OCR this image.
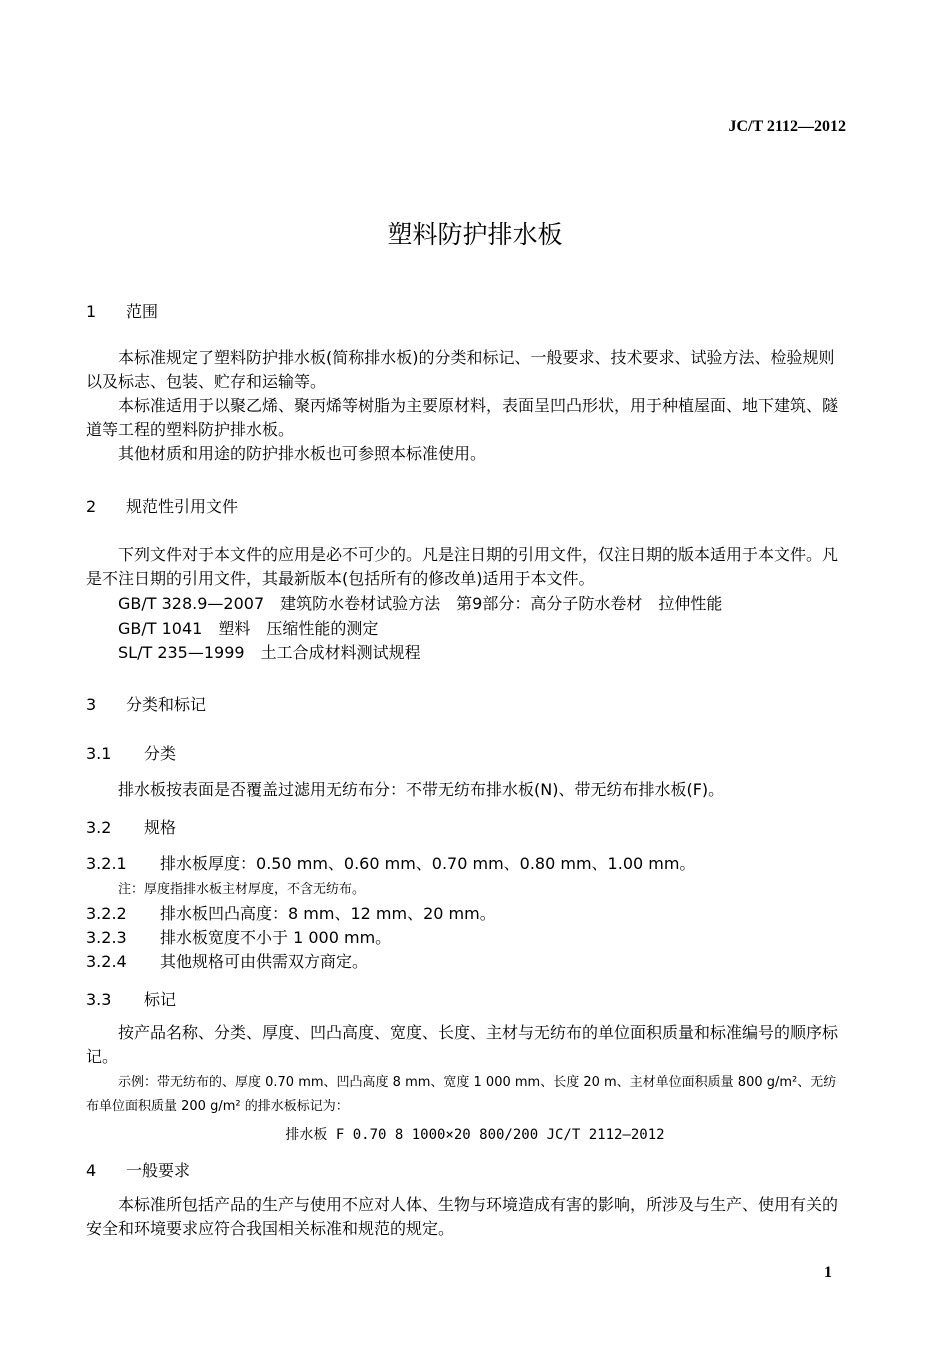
JC/T 2112—2012
塑料防护排水板
1　 范围
本标准规定了塑料防护排水板(简称排水板)的分类和标记、一般要求、技术要求、试验方法、检验规则以及标志、包装、贮存和运输等。
本标准适用于以聚乙烯、聚丙烯等树脂为主要原材料，表面呈凹凸形状，用于种植屋面、地下建筑、隧道等工程的塑料防护排水板。
其他材质和用途的防护排水板也可参照本标准使用。
2　 规范性引用文件
下列文件对于本文件的应用是必不可少的。凡是注日期的引用文件，仅注日期的版本适用于本文件。凡是不注日期的引用文件，其最新版本(包括所有的修改单)适用于本文件。
GB/T 328.9—2007　建筑防水卷材试验方法　第9部分：高分子防水卷材　拉伸性能
GB/T 1041　塑料　压缩性能的测定
SL/T 235—1999　土工合成材料测试规程
3　 分类和标记
3.1　 分类
排水板按表面是否覆盖过滤用无纺布分：不带无纺布排水板(N)、带无纺布排水板(F)。
3.2　 规格
3.2.1　 排水板厚度：0.50 mm、0.60 mm、0.70 mm、0.80 mm、1.00 mm。
注：厚度指排水板主材厚度，不含无纺布。
3.2.2　 排水板凹凸高度：8 mm、12 mm、20 mm。
3.2.3　 排水板宽度不小于 1 000 mm。
3.2.4　 其他规格可由供需双方商定。
3.3　 标记
按产品名称、分类、厚度、凹凸高度、宽度、长度、主材与无纺布的单位面积质量和标准编号的顺序标记。
示例：带无纺布的、厚度 0.70 mm、凹凸高度 8 mm、宽度 1 000 mm、长度 20 m、主材单位面积质量 800 g/m²、无纺布单位面积质量 200 g/m² 的排水板标记为：
排水板 F 0.70 8 1000×20 800/200 JC/T 2112—2012
4　 一般要求
本标准所包括产品的生产与使用不应对人体、生物与环境造成有害的影响，所涉及与生产、使用有关的安全和环境要求应符合我国相关标准和规范的规定。
1
